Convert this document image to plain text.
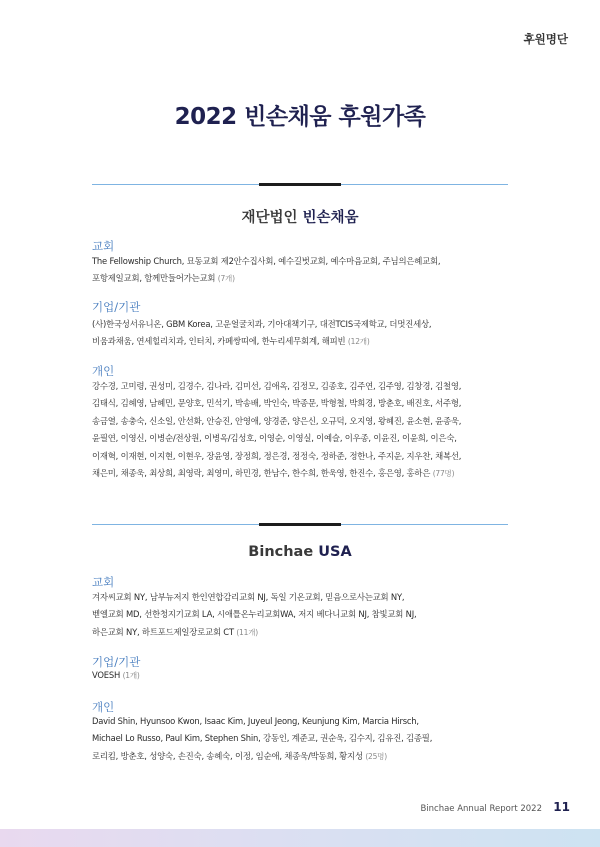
후원명단
2022 빈손채움 후원가족
재단법인 빈손채움
교회
The Fellowship Church, 묘동교회 제2안수집사회, 예수길벗교회, 예수마음교회, 주님의은혜교회,
포항제일교회, 함께만들어가는교회 (7개)
기업/기관
(사)한국성서유니온, GBM Korea, 고운얼굴치과, 기아대책기구, 대전TCIS국제학교, 더멋진세상,
비움과채움, 연세힐리치과, 인터치, 카페쌍띠에, 한누리세무회계, 해피빈 (12개)
개인
강수경, 고미령, 권성미, 김경수, 김나라, 김미선, 김애옥, 김정모, 김종호, 김주연, 김주영, 김창경, 김철영,
김태식, 김혜영, 남혜민, 문양호, 민석기, 박송배, 박인숙, 박종문, 박형철, 박희경, 방춘호, 배진호, 서주형,
송금열, 송충숙, 신소일, 안선화, 안승진, 안영애, 양경준, 양은신, 오규덕, 오지영, 왕혜진, 윤소현, 윤종욱,
윤필연, 이영신, 이병순/전상원, 이병옥/김성호, 이영순, 이영실, 이예슬, 이우종, 이윤진, 이윤희, 이은숙,
이재혁, 이재현, 이지현, 이현우, 장윤영, 장정희, 정은경, 정정숙, 정하준, 정한나, 주지운, 지우찬, 채복선,
채은미, 채종욱, 최상희, 최영락, 최영미, 하민경, 한남수, 한수희, 한욱영, 한진수, 홍은영, 홍하은 (77명)
Binchae USA
교회
겨자씨교회 NY, 남부뉴저지 한인연합감리교회 NJ, 독일 기온교회, 믿음으로사는교회 NY,
벧엘교회 MD, 선한청지기교회 LA, 시애틀온누리교회WA, 저지 베다니교회 NJ, 참빛교회 NJ,
하은교회 NY, 하트포드제일장로교회 CT (11개)
기업/기관
VOESH (1개)
개인
David Shin, Hyunsoo Kwon, Isaac Kim, Juyeul Jeong, Keunjung Kim, Marcia Hirsch,
Michael Lo Russo, Paul Kim, Stephen Shin, 강동인, 계준교, 권순욱, 김수지, 김유진, 김종필,
로리킴, 방춘호, 성양숙, 손진숙, 송혜숙, 이정, 임순애, 채종욱/박동희, 황지성 (25명)
Binchae Annual Report 2022 11
